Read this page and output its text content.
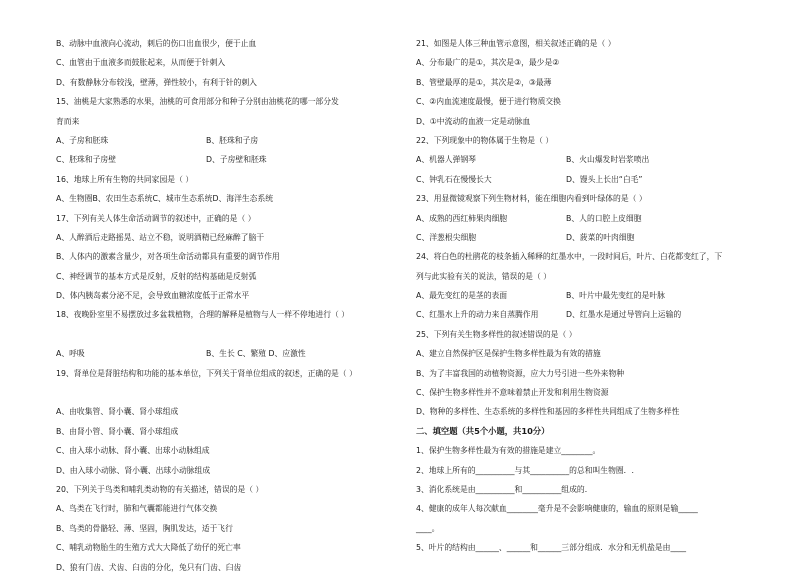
B、动脉中血液向心流动，刺后的伤口出血很少，便于止血
C、血管由于血液多而鼓胀起来，从而便于针刺入
D、有数静脉分布较浅，壁薄，弹性较小，有利于针的刺入
15、油桃是大家熟悉的水果，油桃的可食用部分和种子分别由油桃花的哪一部分发
育而来
A、子房和胚珠	B、胚珠和子房
C、胚珠和子房壁	D、子房壁和胚珠
16、地球上所有生物的共同家园是（ ）
A、生物圈B、农田生态系统C、城市生态系统D、海洋生态系统
17、下列有关人体生命活动调节的叙述中，正确的是（ ）
A、人醉酒后走路摇晃、站立不稳，说明酒精已经麻醉了脑干
B、人体内的激素含量少，对各项生命活动都具有重要的调节作用
C、神经调节的基本方式是反射，反射的结构基础是反射弧
D、体内胰岛素分泌不足，会导致血糖浓度低于正常水平
18、夜晚卧室里不易摆放过多盆栽植物，合理的解释是植物与人一样不停地进行（ ）
A、呼吸	B、生长 C、繁殖 D、应激性
19、肾单位是肾脏结构和功能的基本单位，下列关于肾单位组成的叙述，正确的是（ ）
A、由收集管、肾小囊、肾小球组成
B、由肾小管、肾小囊、肾小球组成
C、由入球小动脉、肾小囊、出球小动脉组成
D、由入球小动脉、肾小囊、出球小动脉组成
20、下列关于鸟类和哺乳类动物的有关描述，错误的是（ ）
A、鸟类在飞行时，肺和气囊都能进行气体交换
B、鸟类的骨骼轻、薄、坚固，胸肌发达，适于飞行
C、哺乳动物胎生的生殖方式大大降低了幼仔的死亡率
D、狼有门齿、犬齿、臼齿的分化，兔只有门齿、臼齿
21、如图是人体三种血管示意图，相关叙述正确的是（ ）
A、分布最广的是①，其次是③，最少是②
B、管壁最厚的是①，其次是②，③最薄
C、②内血流速度最慢，便于进行物质交换
D、①中流动的血液一定是动脉血
22、下列现象中的物体属于生物是（ ）
A、机器人弹钢琴	B、火山爆发时岩浆喷出
C、钟乳石在慢慢长大	D、馒头上长出“白毛”
23、用显微镜观察下列生物材料，能在细胞内看到叶绿体的是（ ）
A、成熟的西红柿果肉细胞	B、人的口腔上皮细胞
C、洋葱根尖细胞	D、菠菜的叶肉细胞
24、将白色的杜鹃花的枝条插入稀释的红墨水中，一段时间后，叶片、白花都变红了，下
列与此实验有关的说法，错误的是（ ）
A、最先变红的是茎的表面	B、叶片中最先变红的是叶脉
C、红墨水上升的动力来自蒸腾作用	D、红墨水是通过导管向上运输的
25、下列有关生物多样性的叙述错误的是（ ）
A、建立自然保护区是保护生物多样性最为有效的措施
B、为了丰富我国的动植物资源，应大力号引进一些外来物种
C、保护生物多样性并不意味着禁止开发和利用生物资源
D、物种的多样性、生态系统的多样性和基因的多样性共同组成了生物多样性
二、填空题（共5个小题，共10分）
1、保护生物多样性最为有效的措施是建立________。
2、地球上所有的__________与其__________的总和叫生物圈．.
3、消化系统是由__________和__________组成的．
4、健康的成年人每次献血________毫升是不会影响健康的，输血的原则是输_____
____。
5、叶片的结构由______、______和______三部分组成．水分和无机盐是由____
